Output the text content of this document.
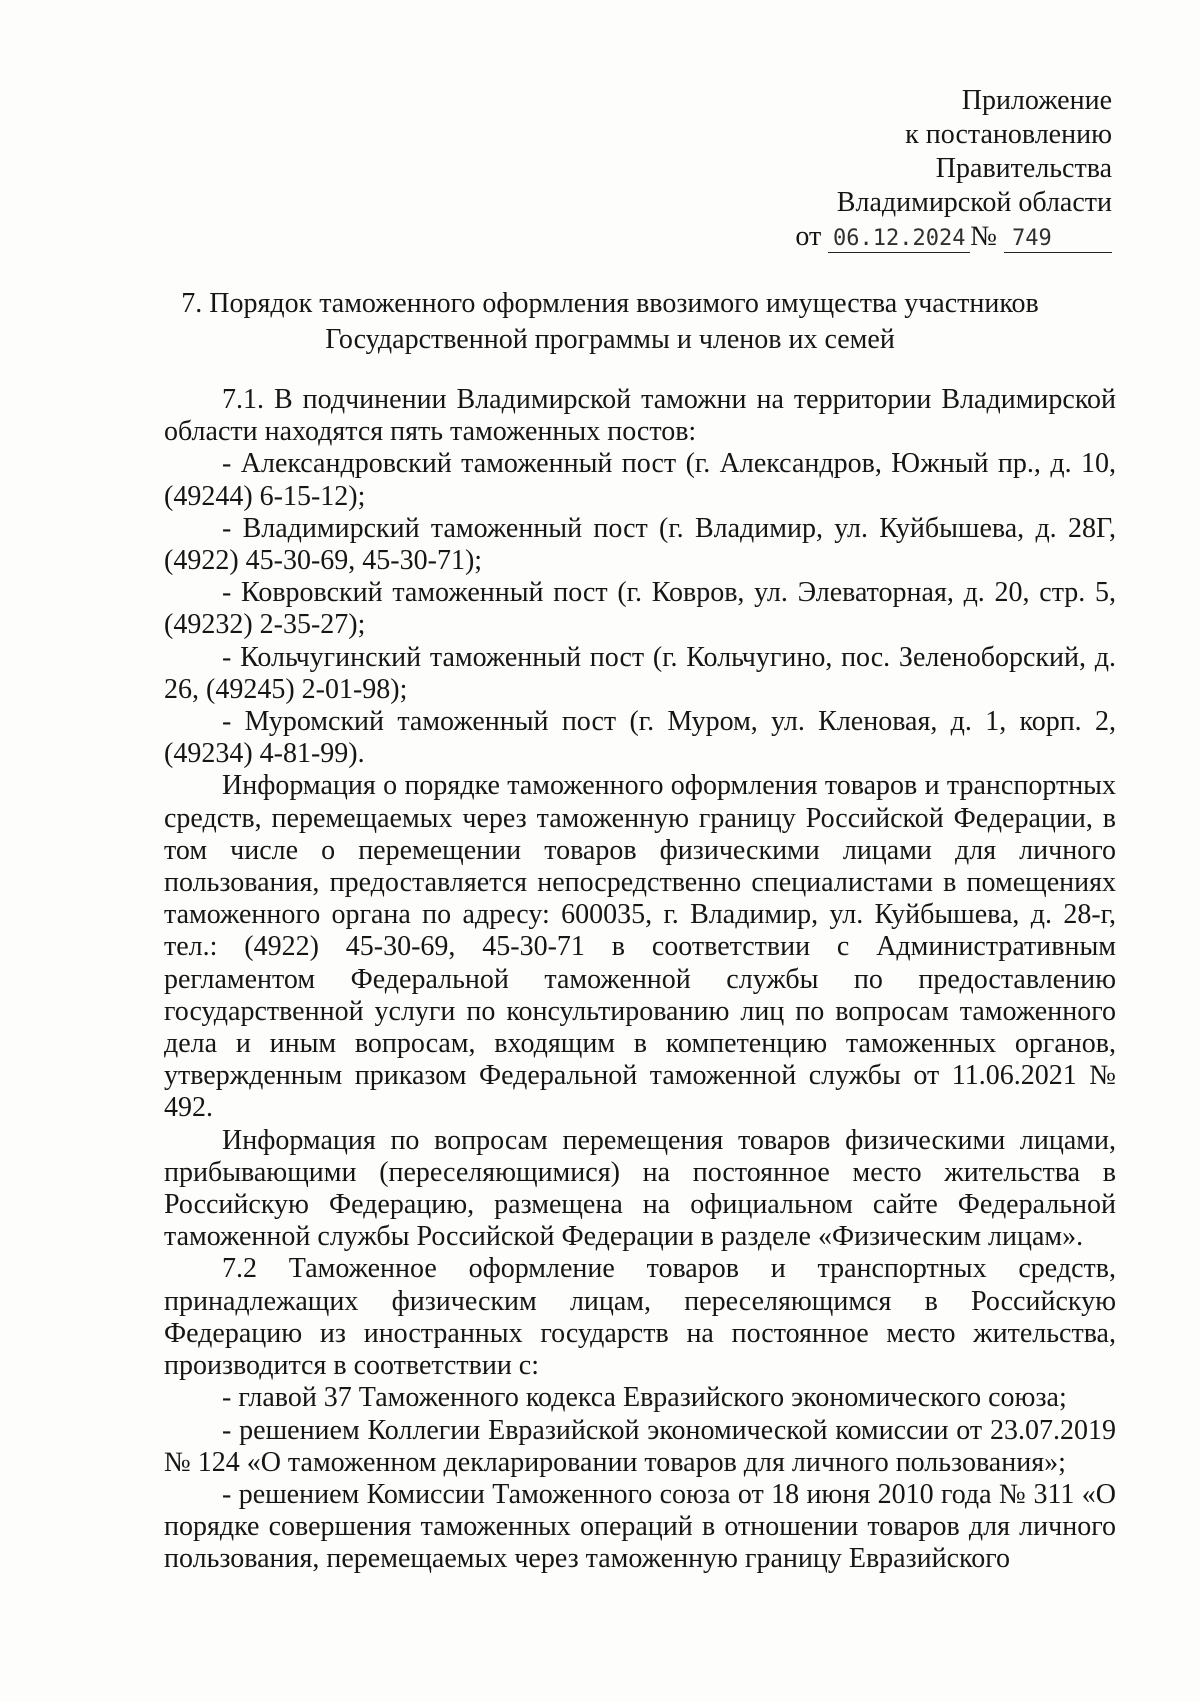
Приложение
к постановлению
Правительства
Владимирской области
от 06.12.2024 № 749
7. Порядок таможенного оформления ввозимого имущества участников
Государственной программы и членов их семей

7.1. В подчинении Владимирской таможни на территории Владимирской области находятся пять таможенных постов:

- Александровский таможенный пост (г. Александров, Южный пр., д. 10, (49244) 6-15-12);

- Владимирский таможенный пост (г. Владимир, ул. Куйбышева, д. 28Г, (4922) 45-30-69, 45-30-71);

- Ковровский таможенный пост (г. Ковров, ул. Элеваторная, д. 20, стр. 5, (49232) 2-35-27);

- Кольчугинский таможенный пост (г. Кольчугино, пос. Зеленоборский, д. 26, (49245) 2-01-98);

- Муромский таможенный пост (г. Муром, ул. Кленовая, д. 1, корп. 2, (49234) 4-81-99).

Информация о порядке таможенного оформления товаров и транспортных средств, перемещаемых через таможенную границу Российской Федерации, в том числе о перемещении товаров физическими лицами для личного пользования, предоставляется непосредственно специалистами в помещениях таможенного органа по адресу: 600035, г. Владимир, ул. Куйбышева, д. 28-г, тел.: (4922) 45-30-69, 45-30-71 в соответствии с Административным регламентом Федеральной таможенной службы по предоставлению государственной услуги по консультированию лиц по вопросам таможенного дела и иным вопросам, входящим в компетенцию таможенных органов, утвержденным приказом Федеральной таможенной службы от 11.06.2021 № 492.

Информация по вопросам перемещения товаров физическими лицами, прибывающими (переселяющимися) на постоянное место жительства в Российскую Федерацию, размещена на официальном сайте Федеральной таможенной службы Российской Федерации в разделе «Физическим лицам».

7.2 Таможенное оформление товаров и транспортных средств, принадлежащих физическим лицам, переселяющимся в Российскую Федерацию из иностранных государств на постоянное место жительства, производится в соответствии с:

- главой 37 Таможенного кодекса Евразийского экономического союза;

- решением Коллегии Евразийской экономической комиссии от 23.07.2019 № 124 «О таможенном декларировании товаров для личного пользования»;

- решением Комиссии Таможенного союза от 18 июня 2010 года № 311 «О порядке совершения таможенных операций в отношении товаров для личного пользования, перемещаемых через таможенную границу Евразийского
